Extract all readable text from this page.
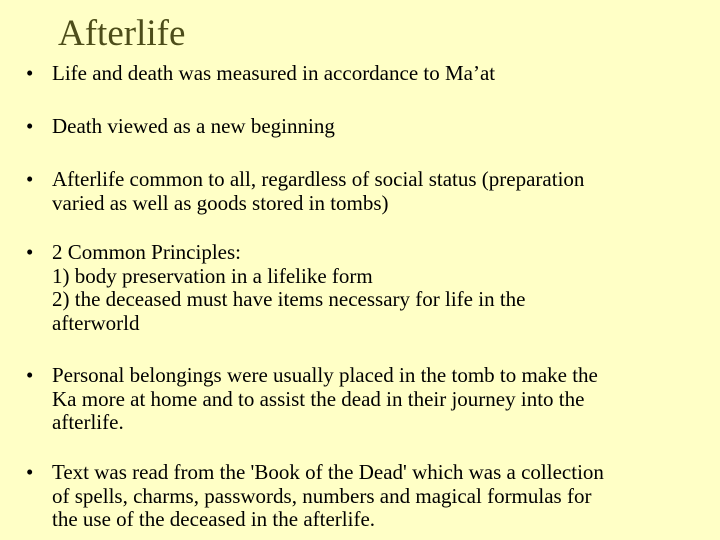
Afterlife
• Life and death was measured in accordance to Ma’at
• Death viewed as a new beginning
• Afterlife common to all, regardless of social status (preparation
varied as well as goods stored in tombs)
• 2 Common Principles:
1) body preservation in a lifelike form
2) the deceased must have items necessary for life in the
afterworld
• Personal belongings were usually placed in the tomb to make the
Ka more at home and to assist the dead in their journey into the
afterlife.
• Text was read from the 'Book of the Dead' which was a collection
of spells, charms, passwords, numbers and magical formulas for
the use of the deceased in the afterlife.
